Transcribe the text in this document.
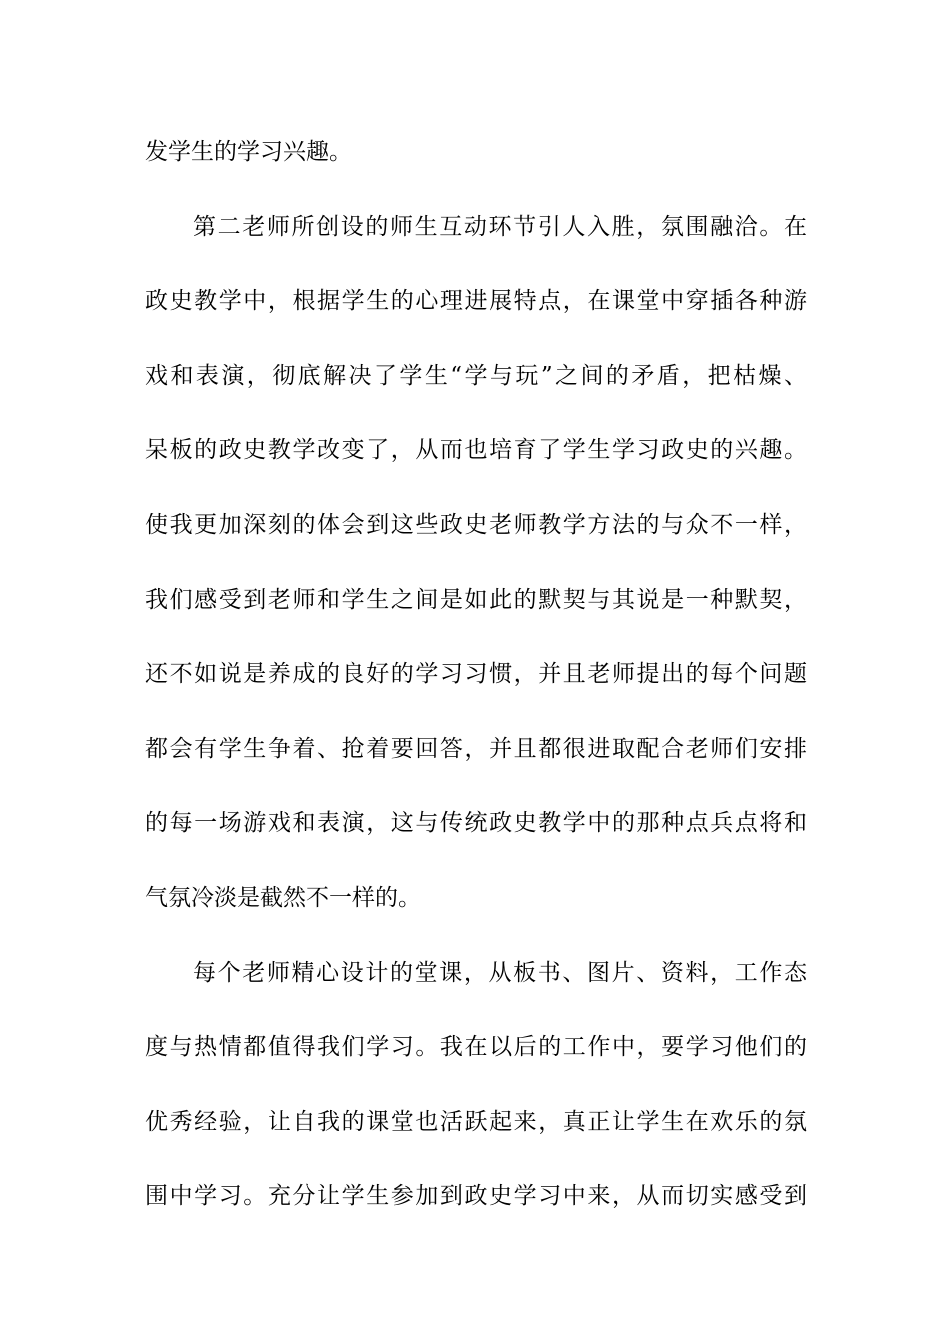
发学生的学习兴趣。
第二老师所创设的师生互动环节引人入胜，氛围融洽。在
政史教学中，根据学生的心理进展特点，在课堂中穿插各种游
戏和表演，彻底解决了学生“学与玩”之间的矛盾，把枯燥、
呆板的政史教学改变了，从而也培育了学生学习政史的兴趣。
使我更加深刻的体会到这些政史老师教学方法的与众不一样，
我们感受到老师和学生之间是如此的默契与其说是一种默契，
还不如说是养成的良好的学习习惯，并且老师提出的每个问题
都会有学生争着、抢着要回答，并且都很进取配合老师们安排
的每一场游戏和表演，这与传统政史教学中的那种点兵点将和
气氛冷淡是截然不一样的。
每个老师精心设计的堂课，从板书、图片、资料，工作态
度与热情都值得我们学习。我在以后的工作中，要学习他们的
优秀经验，让自我的课堂也活跃起来，真正让学生在欢乐的氛
围中学习。充分让学生参加到政史学习中来，从而切实感受到
